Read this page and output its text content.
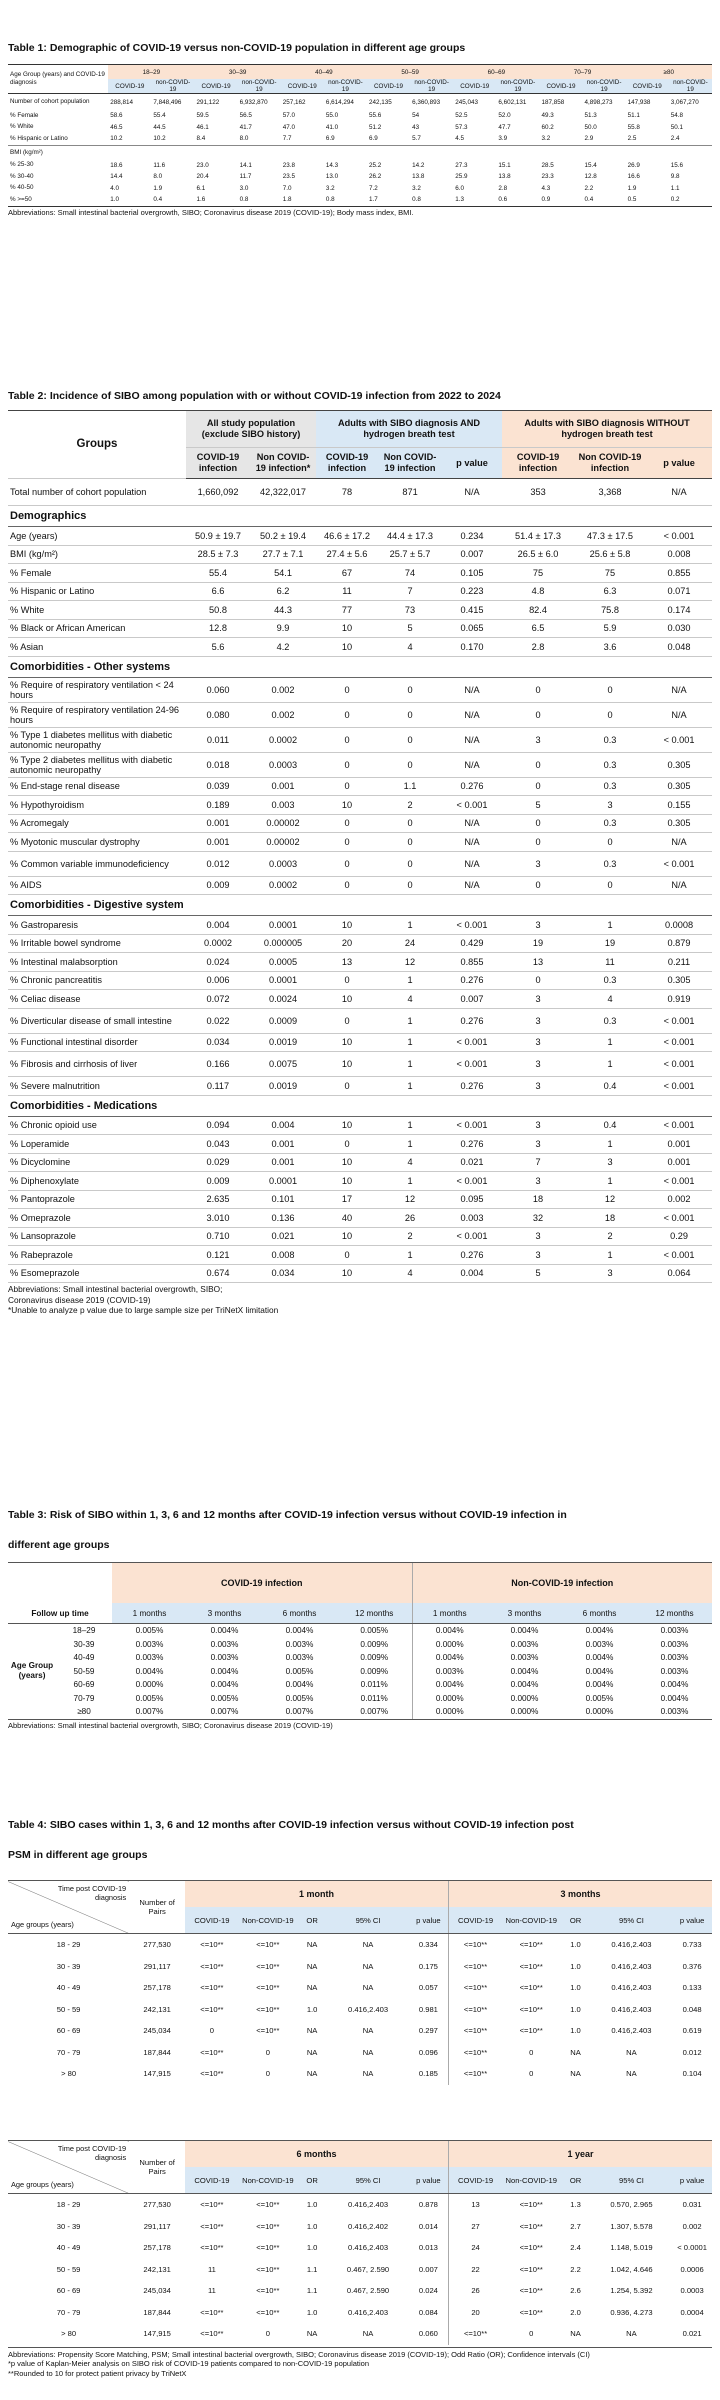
Table 1: Demographic of COVID-19 versus non-COVID-19 population in different age groups
Age Group (years) and COVID-19 diagnosis	18–29		30–39		40–49		50–59		60–69		70–79		≥80	
	COVID-19	non-COVID-19	COVID-19	non-COVID-19	COVID-19	non-COVID-19	COVID-19	non-COVID-19	COVID-19	non-COVID-19	COVID-19	non-COVID-19	COVID-19	non-COVID-19
Number of cohort population	288,814	7,848,496	291,122	6,932,870	257,162	6,614,294	242,135	6,360,893	245,043	6,602,131	187,858	4,898,273	147,938	3,067,270
% Female	58.6	55.4	59.5	56.5	57.0	55.0	55.6	54	52.5	52.0	49.3	51.3	51.1	54.8
% White	46.5	44.5	46.1	41.7	47.0	41.0	51.2	43	57.3	47.7	60.2	50.0	55.8	50.1
% Hispanic or Latino	10.2	10.2	8.4	8.0	7.7	6.9	6.9	5.7	4.5	3.9	3.2	2.9	2.5	2.4
BMI (kg/m²)														
% 25-30	18.6	11.6	23.0	14.1	23.8	14.3	25.2	14.2	27.3	15.1	28.5	15.4	26.9	15.6
% 30-40	14.4	8.0	20.4	11.7	23.5	13.0	26.2	13.8	25.9	13.8	23.3	12.8	16.6	9.8
% 40-50	4.0	1.9	6.1	3.0	7.0	3.2	7.2	3.2	6.0	2.8	4.3	2.2	1.9	1.1
% >=50	1.0	0.4	1.6	0.8	1.8	0.8	1.7	0.8	1.3	0.6	0.9	0.4	0.5	0.2
Abbreviations: Small intestinal bacterial overgrowth, SIBO; Coronavirus disease 2019 (COVID-19); Body mass index, BMI.
Table 2: Incidence of SIBO among population with or without COVID-19 infection from 2022 to 2024
Groups	All study population (exclude SIBO history)		Adults with SIBO diagnosis AND hydrogen breath test			Adults with SIBO diagnosis WITHOUT hydrogen breath test		
	COVID-19 infection	Non COVID-19 infection*	COVID-19 infection	Non COVID-19 infection	p value	COVID-19 infection	Non COVID-19 infection	p value
Total number of cohort population	1,660,092	42,322,017	78	871	N/A	353	3,368	N/A
Demographics								
Age (years)	50.9 ± 19.7	50.2 ± 19.4	46.6 ± 17.2	44.4 ± 17.3	0.234	51.4 ± 17.3	47.3 ± 17.5	< 0.001
BMI (kg/m²)	28.5 ± 7.3	27.7 ± 7.1	27.4 ± 5.6	25.7 ± 5.7	0.007	26.5 ± 6.0	25.6 ± 5.8	0.008
% Female	55.4	54.1	67	74	0.105	75	75	0.855
% Hispanic or Latino	6.6	6.2	11	7	0.223	4.8	6.3	0.071
% White	50.8	44.3	77	73	0.415	82.4	75.8	0.174
% Black or African American	12.8	9.9	10	5	0.065	6.5	5.9	0.030
% Asian	5.6	4.2	10	4	0.170	2.8	3.6	0.048
Comorbidities - Other systems								
% Require of respiratory ventilation < 24 hours	0.060	0.002	0	0	N/A	0	0	N/A
% Require of respiratory ventilation 24-96 hours	0.080	0.002	0	0	N/A	0	0	N/A
% Type 1 diabetes mellitus with diabetic autonomic neuropathy	0.011	0.0002	0	0	N/A	3	0.3	< 0.001
% Type 2 diabetes mellitus with diabetic autonomic neuropathy	0.018	0.0003	0	0	N/A	0	0.3	0.305
% End-stage renal disease	0.039	0.001	0	1.1	0.276	0	0.3	0.305
% Hypothyroidism	0.189	0.003	10	2	< 0.001	5	3	0.155
% Acromegaly	0.001	0.00002	0	0	N/A	0	0.3	0.305
% Myotonic muscular dystrophy	0.001	0.00002	0	0	N/A	0	0	N/A
% Common variable immunodeficiency	0.012	0.0003	0	0	N/A	3	0.3	< 0.001
% AIDS	0.009	0.0002	0	0	N/A	0	0	N/A
Comorbidities - Digestive system								
% Gastroparesis	0.004	0.0001	10	1	< 0.001	3	1	0.0008
% Irritable bowel syndrome	0.0002	0.000005	20	24	0.429	19	19	0.879
% Intestinal malabsorption	0.024	0.0005	13	12	0.855	13	11	0.211
% Chronic pancreatitis	0.006	0.0001	0	1	0.276	0	0.3	0.305
% Celiac disease	0.072	0.0024	10	4	0.007	3	4	0.919
% Diverticular disease of small intestine	0.022	0.0009	0	1	0.276	3	0.3	< 0.001
% Functional intestinal disorder	0.034	0.0019	10	1	< 0.001	3	1	< 0.001
% Fibrosis and cirrhosis of liver	0.166	0.0075	10	1	< 0.001	3	1	< 0.001
% Severe malnutrition	0.117	0.0019	0	1	0.276	3	0.4	< 0.001
Comorbidities - Medications								
% Chronic opioid use	0.094	0.004	10	1	< 0.001	3	0.4	< 0.001
% Loperamide	0.043	0.001	0	1	0.276	3	1	0.001
% Dicyclomine	0.029	0.001	10	4	0.021	7	3	0.001
% Diphenoxylate	0.009	0.0001	10	1	< 0.001	3	1	< 0.001
% Pantoprazole	2.635	0.101	17	12	0.095	18	12	0.002
% Omeprazole	3.010	0.136	40	26	0.003	32	18	< 0.001
% Lansoprazole	0.710	0.021	10	2	< 0.001	3	2	0.29
% Rabeprazole	0.121	0.008	0	1	0.276	3	1	< 0.001
% Esomeprazole	0.674	0.034	10	4	0.004	5	3	0.064
Abbreviations: Small intestinal bacterial overgrowth, SIBO;
Coronavirus disease 2019 (COVID-19)
*Unable to analyze p value due to large sample size per TriNetX limitation
Table 3: Risk of SIBO within 1, 3, 6 and 12 months after COVID-19 infection versus without COVID-19 infection in
different age groups
		COVID-19 infection				Non-COVID-19 infection			
Follow up time		1 months	3 months	6 months	12 months	1 months	3 months	6 months	12 months
Age Group (years)	18–29	0.005%	0.004%	0.004%	0.005%	0.004%	0.004%	0.004%	0.003%
	30-39	0.003%	0.003%	0.003%	0.009%	0.000%	0.003%	0.003%	0.003%
	40-49	0.003%	0.003%	0.003%	0.009%	0.004%	0.003%	0.004%	0.003%
	50-59	0.004%	0.004%	0.005%	0.009%	0.003%	0.004%	0.004%	0.003%
	60-69	0.000%	0.004%	0.004%	0.011%	0.004%	0.004%	0.004%	0.004%
	70-79	0.005%	0.005%	0.005%	0.011%	0.000%	0.000%	0.005%	0.004%
	≥80	0.007%	0.007%	0.007%	0.007%	0.000%	0.000%	0.000%	0.003%
Abbreviations: Small intestinal bacterial overgrowth, SIBO; Coronavirus disease 2019 (COVID-19)
Table 4: SIBO cases within 1, 3, 6 and 12 months after COVID-19 infection versus without COVID-19 infection post
PSM in different age groups
Time post COVID-19 diagnosis
Age groups (years)	Number of Pairs	1 month					3 months				
		COVID-19	Non-COVID-19	OR	95% CI	p value	COVID-19	Non-COVID-19	OR	95% CI	p value
18 - 29	277,530	<=10**	<=10**	NA	NA	0.334	<=10**	<=10**	1.0	0.416,2.403	0.733
30 - 39	291,117	<=10**	<=10**	NA	NA	0.175	<=10**	<=10**	1.0	0.416,2.403	0.376
40 - 49	257,178	<=10**	<=10**	NA	NA	0.057	<=10**	<=10**	1.0	0.416,2.403	0.133
50 - 59	242,131	<=10**	<=10**	1.0	0.416,2.403	0.981	<=10**	<=10**	1.0	0.416,2.403	0.048
60 - 69	245,034	0	<=10**	NA	NA	0.297	<=10**	<=10**	1.0	0.416,2.403	0.619
70 - 79	187,844	<=10**	0	NA	NA	0.096	<=10**	0	NA	NA	0.012
> 80	147,915	<=10**	0	NA	NA	0.185	<=10**	0	NA	NA	0.104
Time post COVID-19 diagnosis
Age groups (years)	Number of Pairs	6 months					1 year				
		COVID-19	Non-COVID-19	OR	95% CI	p value	COVID-19	Non-COVID-19	OR	95% CI	p value
18 - 29	277,530	<=10**	<=10**	1.0	0.416,2.403	0.878	13	<=10**	1.3	0.570, 2.965	0.031
30 - 39	291,117	<=10**	<=10**	1.0	0.416,2.402	0.014	27	<=10**	2.7	1.307, 5.578	0.002
40 - 49	257,178	<=10**	<=10**	1.0	0.416,2.403	0.013	24	<=10**	2.4	1.148, 5.019	< 0.0001
50 - 59	242,131	11	<=10**	1.1	0.467, 2.590	0.007	22	<=10**	2.2	1.042, 4.646	0.0006
60 - 69	245,034	11	<=10**	1.1	0.467, 2.590	0.024	26	<=10**	2.6	1.254, 5.392	0.0003
70 - 79	187,844	<=10**	<=10**	1.0	0.416,2.403	0.084	20	<=10**	2.0	0.936, 4.273	0.0004
> 80	147,915	<=10**	0	NA	NA	0.060	<=10**	0	NA	NA	0.021
Abbreviations: Propensity Score Matching, PSM; Small intestinal bacterial overgrowth, SIBO; Coronavirus disease 2019 (COVID-19); Odd Ratio (OR); Confidence intervals (CI)
*p value of Kaplan-Meier analysis on SIBO risk of COVID-19 patients compared to non-COVID-19 population
**Rounded to 10 for protect patient privacy by TriNetX
